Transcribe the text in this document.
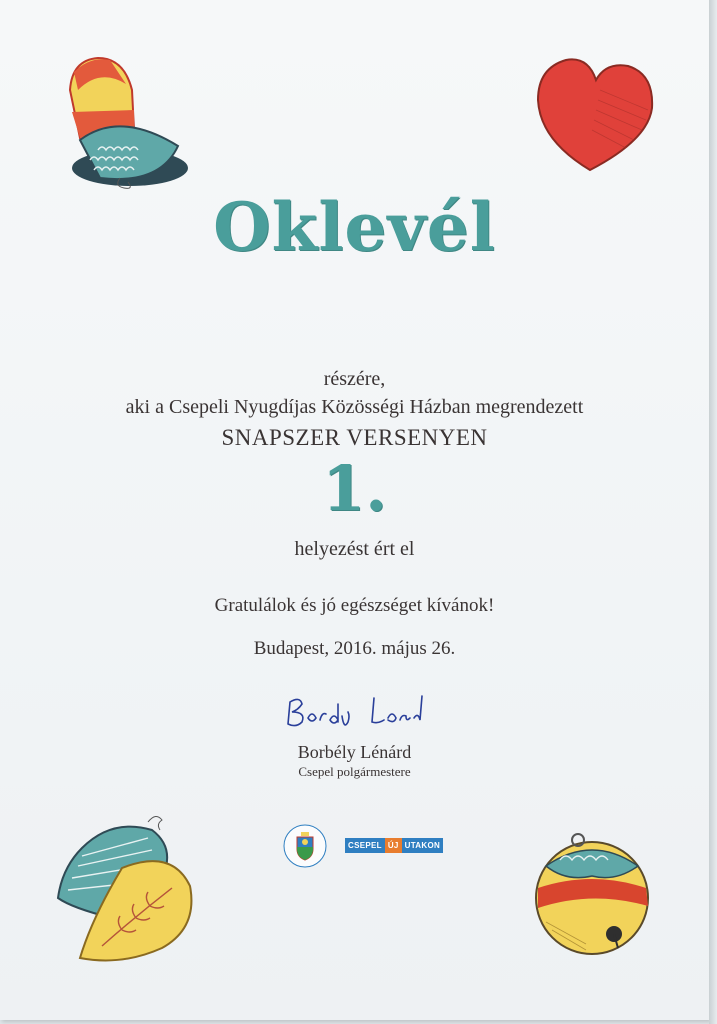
Oklevél
részére,
aki a Csepeli Nyugdíjas Közösségi Házban megrendezett
SNAPSZER VERSENYEN
1.
helyezést ért el
Gratulálok és jó egészséget kívánok!
Budapest, 2016. május 26.
Borbély Lénárd
Csepel polgármestere
CSEPEL ÚJ UTAKON
